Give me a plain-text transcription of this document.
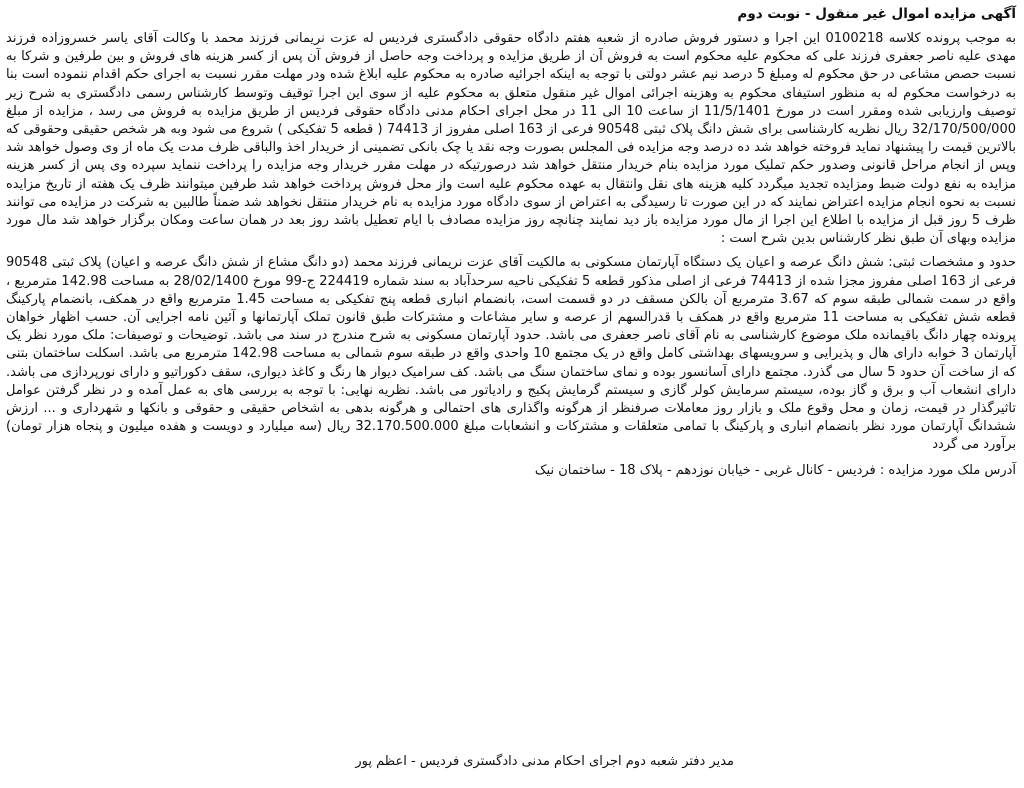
آگهی مزایده اموال غیر منقول - نوبت دوم
به موجب پرونده کلاسه 0100218 این اجرا و دستور فروش صادره از شعبه هفتم دادگاه حقوقی دادگستری فردیس له عزت نریمانی فرزند محمد با وکالت آقای یاسر خسروزاده فرزند مهدی علیه ناصر جعفری فرزند علی که محکوم علیه محکوم است به فروش آن از طریق مزایده و پرداخت وجه حاصل از فروش آن پس از کسر هزینه های فروش و بین طرفین و شرکا به نسبت حصص مشاعی در حق محکوم له ومبلغ 5 درصد نیم عشر دولتی با توجه به اینکه اجرائیه صادره به محکوم علیه ابلاغ شده ودر مهلت مقرر نسبت به اجرای حکم اقدام ننموده است بنا به درخواست محکوم له به منظور استیفای محکوم به وهزینه اجرائی اموال غیر منقول متعلق به محکوم علیه از سوی این اجرا توقیف وتوسط کارشناس رسمی دادگستری به شرح زیر توصیف وارزیابی شده ومقرر است در مورخ 11/5/1401 از ساعت 10 الی 11 در محل اجرای احکام مدنی دادگاه حقوقی فردیس از طریق مزایده به فروش می رسد ، مزایده از مبلغ 32/170/500/000 ریال نظریه کارشناسی برای شش دانگ پلاک ثبتی 90548 فرعی از 163 اصلی مفروز از 74413 ( قطعه 5 تفکیکی ) شروع می شود وبه هر شخص حقیقی وحقوقی که بالاترین قیمت را پیشنهاد نماید فروخته خواهد شد ده درصد وجه مزایده فی المجلس بصورت وجه نقد یا چک بانکی تضمینی از خریدار اخذ والباقی ظرف مدت یک ماه از وی وصول خواهد شد وپس از انجام مراحل قانونی وصدور حکم تملیک مورد مزایده بنام خریدار منتقل خواهد شد درصورتیکه در مهلت مقرر خریدار وجه مزایده را پرداخت ننماید سپرده وی پس از کسر هزینه مزایده به نفع دولت ضبط ومزایده تجدید میگردد کلیه هزینه های نقل وانتقال به عهده محکوم علیه است واز محل فروش پرداخت خواهد شد طرفین میتوانند ظرف یک هفته از تاریخ مزایده نسبت به نحوه انجام مزایده اعتراض نمایند که در این صورت تا رسیدگی به اعتراض از سوی دادگاه مورد مزایده به نام خریدار منتقل نخواهد شد ضمناً طالبین به شرکت در مزایده می توانند ظرف 5 روز قبل از مزایده با اطلاع این اجرا از مال مورد مزایده باز دید نمایند چنانچه روز مزایده مصادف با ایام تعطیل باشد روز بعد در همان ساعت ومکان برگزار خواهد شد مال مورد مزایده وبهای آن طبق نظر کارشناس بدین شرح است :
حدود و مشخصات ثبتی: شش دانگ عرصه و اعیان یک دستگاه آپارتمان مسکونی به مالکیت آقای عزت نریمانی فرزند محمد (دو دانگ مشاع از شش دانگ عرصه و اعیان) پلاک ثبتی 90548 فرعی از 163 اصلی مفروز مجزا شده از 74413 فرعی از اصلی مذکور قطعه 5 تفکیکی ناحیه سرحدآباد به سند شماره 224419 ج-99 مورخ 28/02/1400 به مساحت 142.98 مترمربع ، واقع در سمت شمالی طبقه سوم که 3.67 مترمربع آن بالکن مسقف در دو قسمت است، بانضمام انباری قطعه پنج تفکیکی به مساحت 1.45 مترمربع واقع در همکف، بانضمام پارکینگ قطعه شش تفکیکی به مساحت 11 مترمربع واقع در همکف با قدرالسهم از عرصه و سایر مشاعات و مشترکات طبق قانون تملک آپارتمانها و آئین نامه اجرایی آن. حسب اظهار خواهان پرونده چهار دانگ باقیمانده ملک موضوع کارشناسی به نام آقای ناصر جعفری می باشد. حدود آپارتمان مسکونی به شرح مندرج در سند می باشد. توضیحات و توصیفات: ملک مورد نظر یک آپارتمان 3 خوابه دارای هال و پذیرایی و سرویسهای بهداشتی کامل واقع در یک مجتمع 10 واحدی واقع در طبقه سوم شمالی به مساحت 142.98 مترمربع می باشد. اسکلت ساختمان بتنی که از ساخت آن حدود 5 سال می گذرد. مجتمع دارای آسانسور بوده و نمای ساختمان سنگ می باشد. کف سرامیک دیوار ها رنگ و کاغذ دیواری، سقف دکوراتیو و دارای نورپردازی می باشد. دارای انشعاب آب و برق و گاز بوده، سیستم سرمایش کولر گازی و سیستم گرمایش پکیج و رادیاتور می باشد. نظریه نهایی: با توجه به بررسی های به عمل آمده و در نظر گرفتن عوامل تاثیرگذار در قیمت، زمان و محل وقوع ملک و بازار روز معاملات صرفنظر از هرگونه واگذاری های احتمالی و هرگونه بدهی به اشخاص حقیقی و حقوقی و بانکها و شهرداری و ... ارزش ششدانگ آپارتمان مورد نظر بانضمام انباری و پارکینگ با تمامی متعلقات و مشترکات و انشعابات مبلغ 32.170.500.000 ریال (سه میلیارد و دویست و هفده میلیون و پنجاه هزار تومان) برآورد می گردد
آدرس ملک مورد مزایده : فردیس - کانال غربی - خیابان نوزدهم - پلاک 18 - ساختمان نیک
مدیر دفتر شعبه دوم اجرای احکام مدنی دادگستری فردیس - اعظم پور
